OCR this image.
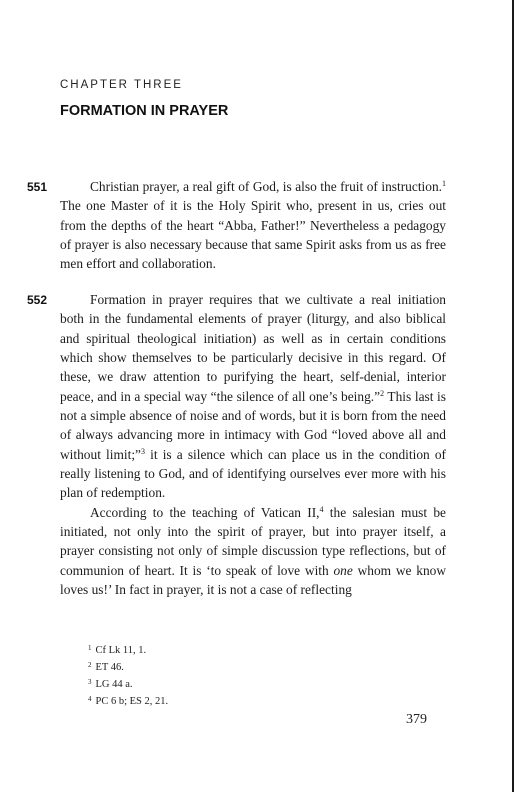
CHAPTER THREE
FORMATION IN PRAYER
551	Christian prayer, a real gift of God, is also the fruit of instruction.$^1$ The one Master of it is the Holy Spirit who, present in us, cries out from the depths of the heart “Abba, Father!” Nevertheless a pedagogy of prayer is also necessary because that same Spirit asks from us as free men effort and collaboration.

552	Formation in prayer requires that we cultivate a real initiation both in the fundamental elements of prayer (liturgy, and also biblical and spiritual theological initiation) as well as in certain conditions which show themselves to be particularly decisive in this regard. Of these, we draw attention to purifying the heart, self-denial, interior peace, and in a special way “the silence of all one’s being.”$^2$ This last is not a simple absence of noise and of words, but it is born from the need of always advancing more in intimacy with God “loved above all and without limit;”$^3$ it is a silence which can place us in the condition of really listening to God, and of identifying ourselves ever more with his plan of redemption.

According to the teaching of Vatican II,$^4$ the salesian must be initiated, not only into the spirit of prayer, but into prayer itself, a prayer consisting not only of simple discussion type reflections, but of communion of heart. It is ‘to speak of love with one whom we know loves us!’ In fact in prayer, it is not a case of reflecting

$^1$ Cf Lk 11, 1.
$^2$ ET 46.
$^3$ LG 44 a.
$^4$ PC 6 b; ES 2, 21.
379
